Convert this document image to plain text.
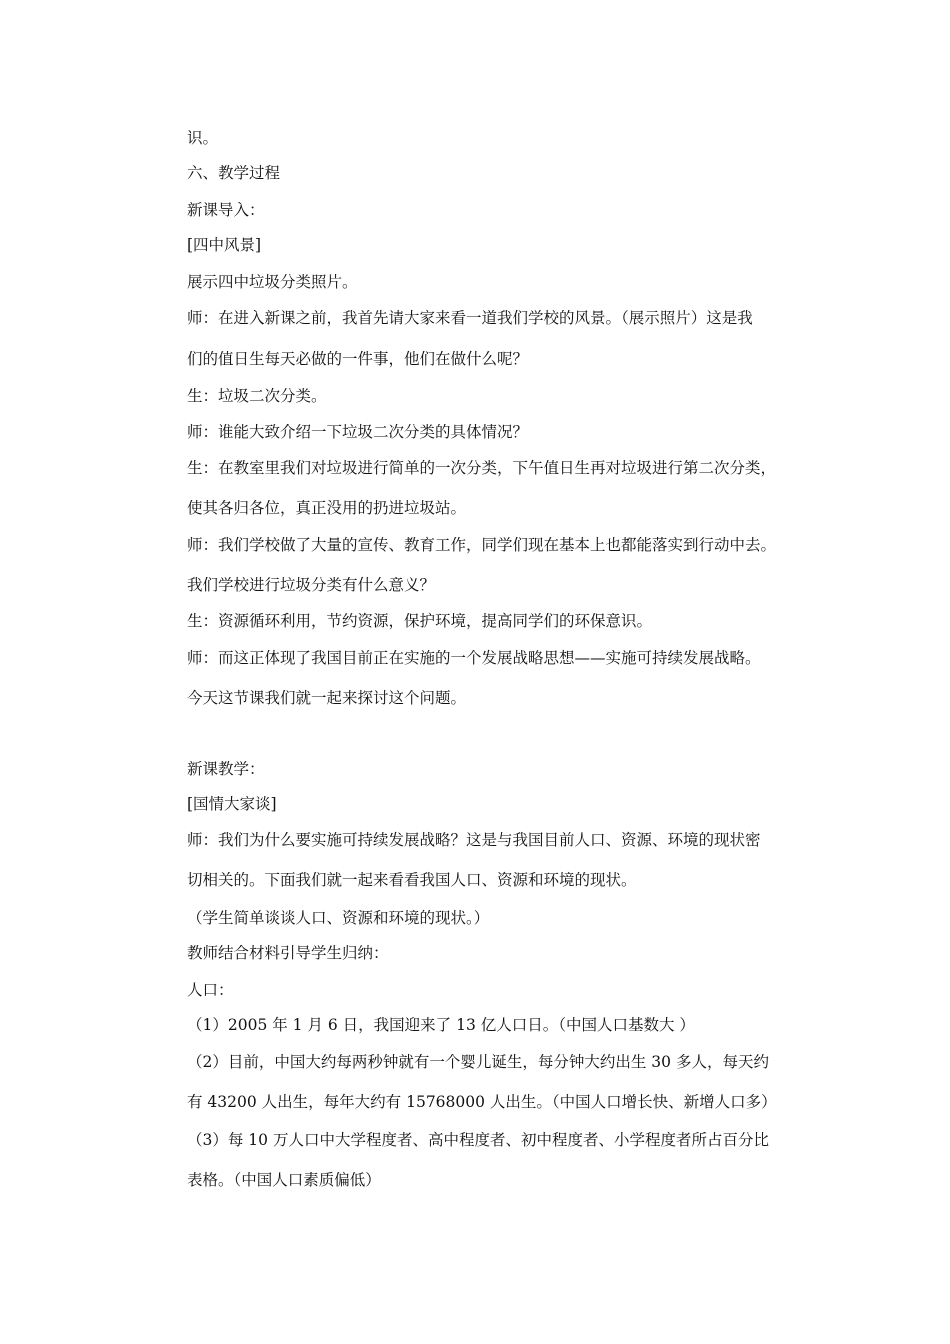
识。
六、教学过程
新课导入：
[四中风景]
展示四中垃圾分类照片。
师：在进入新课之前，我首先请大家来看一道我们学校的风景。（展示照片）这是我
们的值日生每天必做的一件事，他们在做什么呢？
生：垃圾二次分类。
师：谁能大致介绍一下垃圾二次分类的具体情况？
生：在教室里我们对垃圾进行简单的一次分类，下午值日生再对垃圾进行第二次分类，
使其各归各位，真正没用的扔进垃圾站。
师：我们学校做了大量的宣传、教育工作，同学们现在基本上也都能落实到行动中去。
我们学校进行垃圾分类有什么意义？
生：资源循环利用，节约资源，保护环境，提高同学们的环保意识。
师：而这正体现了我国目前正在实施的一个发展战略思想——实施可持续发展战略。
今天这节课我们就一起来探讨这个问题。
新课教学：
[国情大家谈]
师：我们为什么要实施可持续发展战略？这是与我国目前人口、资源、环境的现状密
切相关的。下面我们就一起来看看我国人口、资源和环境的现状。
（学生简单谈谈人口、资源和环境的现状。）
教师结合材料引导学生归纳：
人口：
（1）2005 年 1 月 6 日，我国迎来了 13 亿人口日。（中国人口基数大 ）
（2）目前，中国大约每两秒钟就有一个婴儿诞生，每分钟大约出生 30 多人，每天约
有 43200 人出生，每年大约有 15768000 人出生。（中国人口增长快、新增人口多）
（3）每 10 万人口中大学程度者、高中程度者、初中程度者、小学程度者所占百分比
表格。（中国人口素质偏低）
